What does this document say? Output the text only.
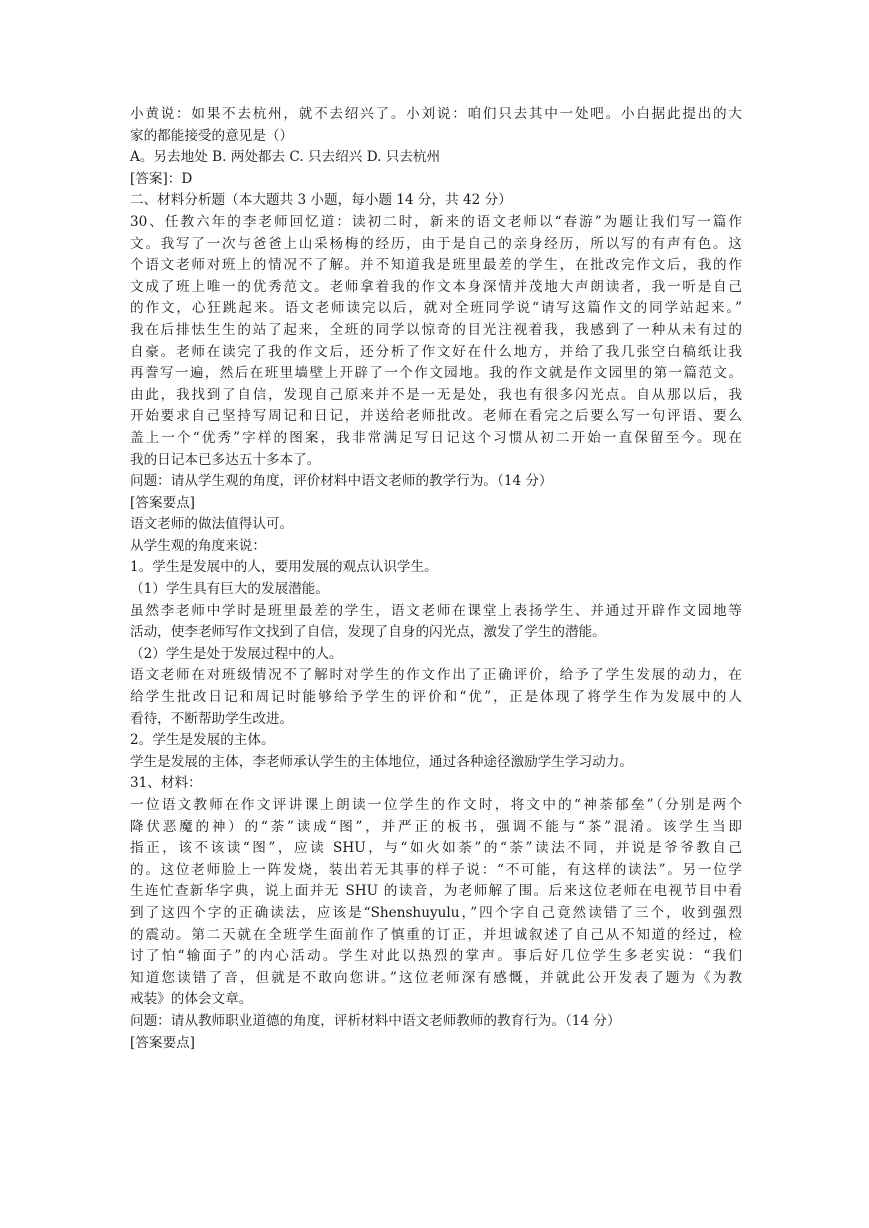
小黄说：如果不去杭州，就不去绍兴了。小刘说：咱们只去其中一处吧。小白据此提出的大

家的都能接受的意见是（）

A。另去地处 B. 两处都去 C. 只去绍兴 D. 只去杭州

[答案]：D

二、材料分析题（本大题共 3 小题，每小题 14 分，共 42 分）

30、任教六年的李老师回忆道：读初二时，新来的语文老师以“春游”为题让我们写一篇作

文。我写了一次与爸爸上山采杨梅的经历，由于是自己的亲身经历，所以写的有声有色。这

个语文老师对班上的情况不了解。并不知道我是班里最差的学生，在批改完作文后，我的作

文成了班上唯一的优秀范文。老师拿着我的作文本身深情并茂地大声朗读者，我一听是自己

的作文，心狂跳起来。语文老师读完以后，就对全班同学说“请写这篇作文的同学站起来。”

我在后排怯生生的站了起来，全班的同学以惊奇的目光注视着我，我感到了一种从未有过的

自豪。老师在读完了我的作文后，还分析了作文好在什么地方，并给了我几张空白稿纸让我

再誊写一遍，然后在班里墙壁上开辟了一个作文园地。我的作文就是作文园里的第一篇范文。

由此，我找到了自信，发现自己原来并不是一无是处，我也有很多闪光点。自从那以后，我

开始要求自己坚持写周记和日记，并送给老师批改。老师在看完之后要么写一句评语、要么

盖上一个“优秀”字样的图案，我非常满足写日记这个习惯从初二开始一直保留至今。现在

我的日记本已多达五十多本了。

问题：请从学生观的角度，评价材料中语文老师的教学行为。（14 分）

[答案要点]

语文老师的做法值得认可。

从学生观的角度来说：

1。学生是发展中的人，要用发展的观点认识学生。

（1）学生具有巨大的发展潜能。

虽然李老师中学时是班里最差的学生，语文老师在课堂上表扬学生、并通过开辟作文园地等

活动，使李老师写作文找到了自信，发现了自身的闪光点，激发了学生的潜能。

（2）学生是处于发展过程中的人。

语文老师在对班级情况不了解时对学生的作文作出了正确评价，给予了学生发展的动力，在

给学生批改日记和周记时能够给予学生的评价和“优”，正是体现了将学生作为发展中的人

看待，不断帮助学生改进。

2。学生是发展的主体。

学生是发展的主体，李老师承认学生的主体地位，通过各种途径激励学生学习动力。

31、材料：

一位语文教师在作文评讲课上朗读一位学生的作文时，将文中的“神荼郁垒”（分别是两个

降伏恶魔的神）的“荼”读成“图”，并严正的板书，强调不能与“茶”混淆。该学生当即

指正，该不该读“图”，应读 SHU，与“如火如荼”的“荼”读法不同，并说是爷爷教自己

的。这位老师脸上一阵发烧，装出若无其事的样子说：“不可能，有这样的读法”。另一位学

生连忙查新华字典，说上面并无 SHU 的读音，为老师解了围。后来这位老师在电视节目中看

到了这四个字的正确读法，应该是“Shenshuyulu，”四个字自己竟然读错了三个，收到强烈

的震动。第二天就在全班学生面前作了慎重的订正，并坦诚叙述了自己从不知道的经过，检

讨了怕“输面子”的内心活动。学生对此以热烈的掌声。事后好几位学生多老实说：“我们

知道您读错了音，但就是不敢向您讲。”这位老师深有感慨，并就此公开发表了题为《为教

戒装》的体会文章。

问题：请从教师职业道德的角度，评析材料中语文老师教师的教育行为。（14 分）

[答案要点]
